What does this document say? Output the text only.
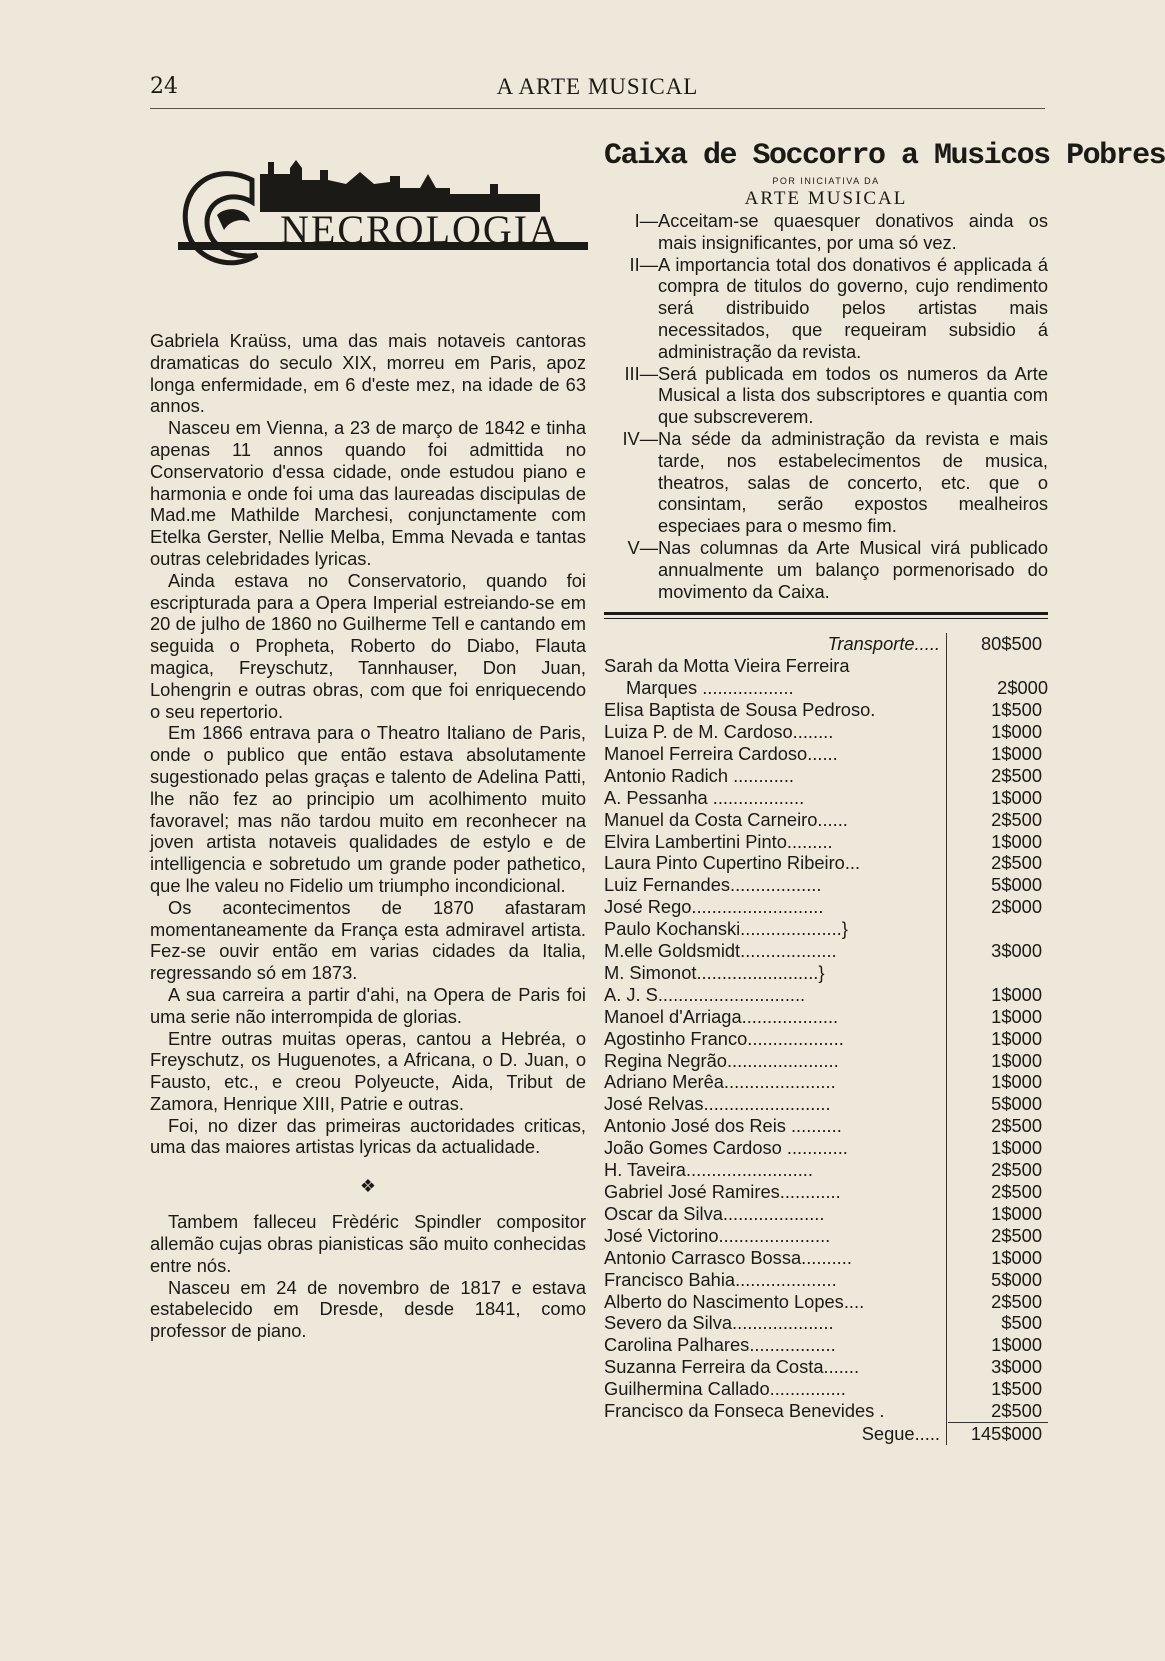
24	A ARTE MUSICAL
NECROLOGIA

Gabriela Kraüss, uma das mais notaveis cantoras dramaticas do seculo XIX, morreu em Paris, apoz longa enfermidade, em 6 d'este mez, na idade de 63 annos.

Nasceu em Vienna, a 23 de março de 1842 e tinha apenas 11 annos quando foi admittida no Conservatorio d'essa cidade, onde estudou piano e harmonia e onde foi uma das laureadas discipulas de Mad.me Mathilde Marchesi, conjunctamente com Etelka Gerster, Nellie Melba, Emma Nevada e tantas outras celebridades lyricas.

Ainda estava no Conservatorio, quando foi escripturada para a Opera Imperial estreiando-se em 20 de julho de 1860 no Guilherme Tell e cantando em seguida o Propheta, Roberto do Diabo, Flauta magica, Freyschutz, Tannhauser, Don Juan, Lohengrin e outras obras, com que foi enriquecendo o seu repertorio.

Em 1866 entrava para o Theatro Italiano de Paris, onde o publico que então estava absolutamente sugestionado pelas graças e talento de Adelina Patti, lhe não fez ao principio um acolhimento muito favoravel; mas não tardou muito em reconhecer na joven artista notaveis qualidades de estylo e de intelligencia e sobretudo um grande poder pathetico, que lhe valeu no Fidelio um triumpho incondicional.

Os acontecimentos de 1870 afastaram momentaneamente da França esta admiravel artista. Fez-se ouvir então em varias cidades da Italia, regressando só em 1873.

A sua carreira a partir d'ahi, na Opera de Paris foi uma serie não interrompida de glorias.

Entre outras muitas operas, cantou a Hebréa, o Freyschutz, os Huguenotes, a Africana, o D. Juan, o Fausto, etc., e creou Polyeucte, Aida, Tribut de Zamora, Henrique XIII, Patrie e outras.

Foi, no dizer das primeiras auctoridades criticas, uma das maiores artistas lyricas da actualidade.

❖

Tambem falleceu Frèdéric Spindler compositor allemão cujas obras pianisticas são muito conhecidas entre nós.

Nasceu em 24 de novembro de 1817 e estava estabelecido em Dresde, desde 1841, como professor de piano.

Caixa de Soccorro a Musicos Pobres
POR INICIATIVA DA
ARTE MUSICAL
I— Acceitam-se quaesquer donativos ainda os mais insignificantes, por uma só vez.
II— A importancia total dos donativos é applicada á compra de titulos do governo, cujo rendimento será distribuido pelos artistas mais necessitados, que requeiram subsidio á administração da revista.
III— Será publicada em todos os numeros da Arte Musical a lista dos subscriptores e quantia com que subscreverem.
IV— Na séde da administração da revista e mais tarde, nos estabelecimentos de musica, theatros, salas de concerto, etc. que o consintam, serão expostos mealheiros especiaes para o mesmo fim.
V— Nas columnas da Arte Musical virá publicado annualmente um balanço pormenorisado do movimento da Caixa.
Transporte.....	80$500
Sarah da Motta Vieira Ferreira
Marques ..................	2$000
Elisa Baptista de Sousa Pedroso.	1$500
Luiza P. de M. Cardoso........	1$000
Manoel Ferreira Cardoso......	1$000
Antonio Radich ............	2$500
A. Pessanha ..................	1$000
Manuel da Costa Carneiro......	2$500
Elvira Lambertini Pinto.........	1$000
Laura Pinto Cupertino Ribeiro...	2$500
Luiz Fernandes..................	5$000
José Rego..........................	2$000
Paulo Kochanski....................}
M.elle Goldsmidt...................	3$000
M. Simonot........................}
A. J. S.............................	1$000
Manoel d'Arriaga...................	1$000
Agostinho Franco...................	1$000
Regina Negrão......................	1$000
Adriano Merêa......................	1$000
José Relvas.........................	5$000
Antonio José dos Reis ..........	2$500
João Gomes Cardoso ............	1$000
H. Taveira.........................	2$500
Gabriel José Ramires............	2$500
Oscar da Silva....................	1$000
José Victorino......................	2$500
Antonio Carrasco Bossa..........	1$000
Francisco Bahia....................	5$000
Alberto do Nascimento Lopes....	2$500
Severo da Silva....................	$500
Carolina Palhares.................	1$000
Suzanna Ferreira da Costa.......	3$000
Guilhermina Callado...............	1$500
Francisco da Fonseca Benevides .	2$500
Segue.....	145$000
